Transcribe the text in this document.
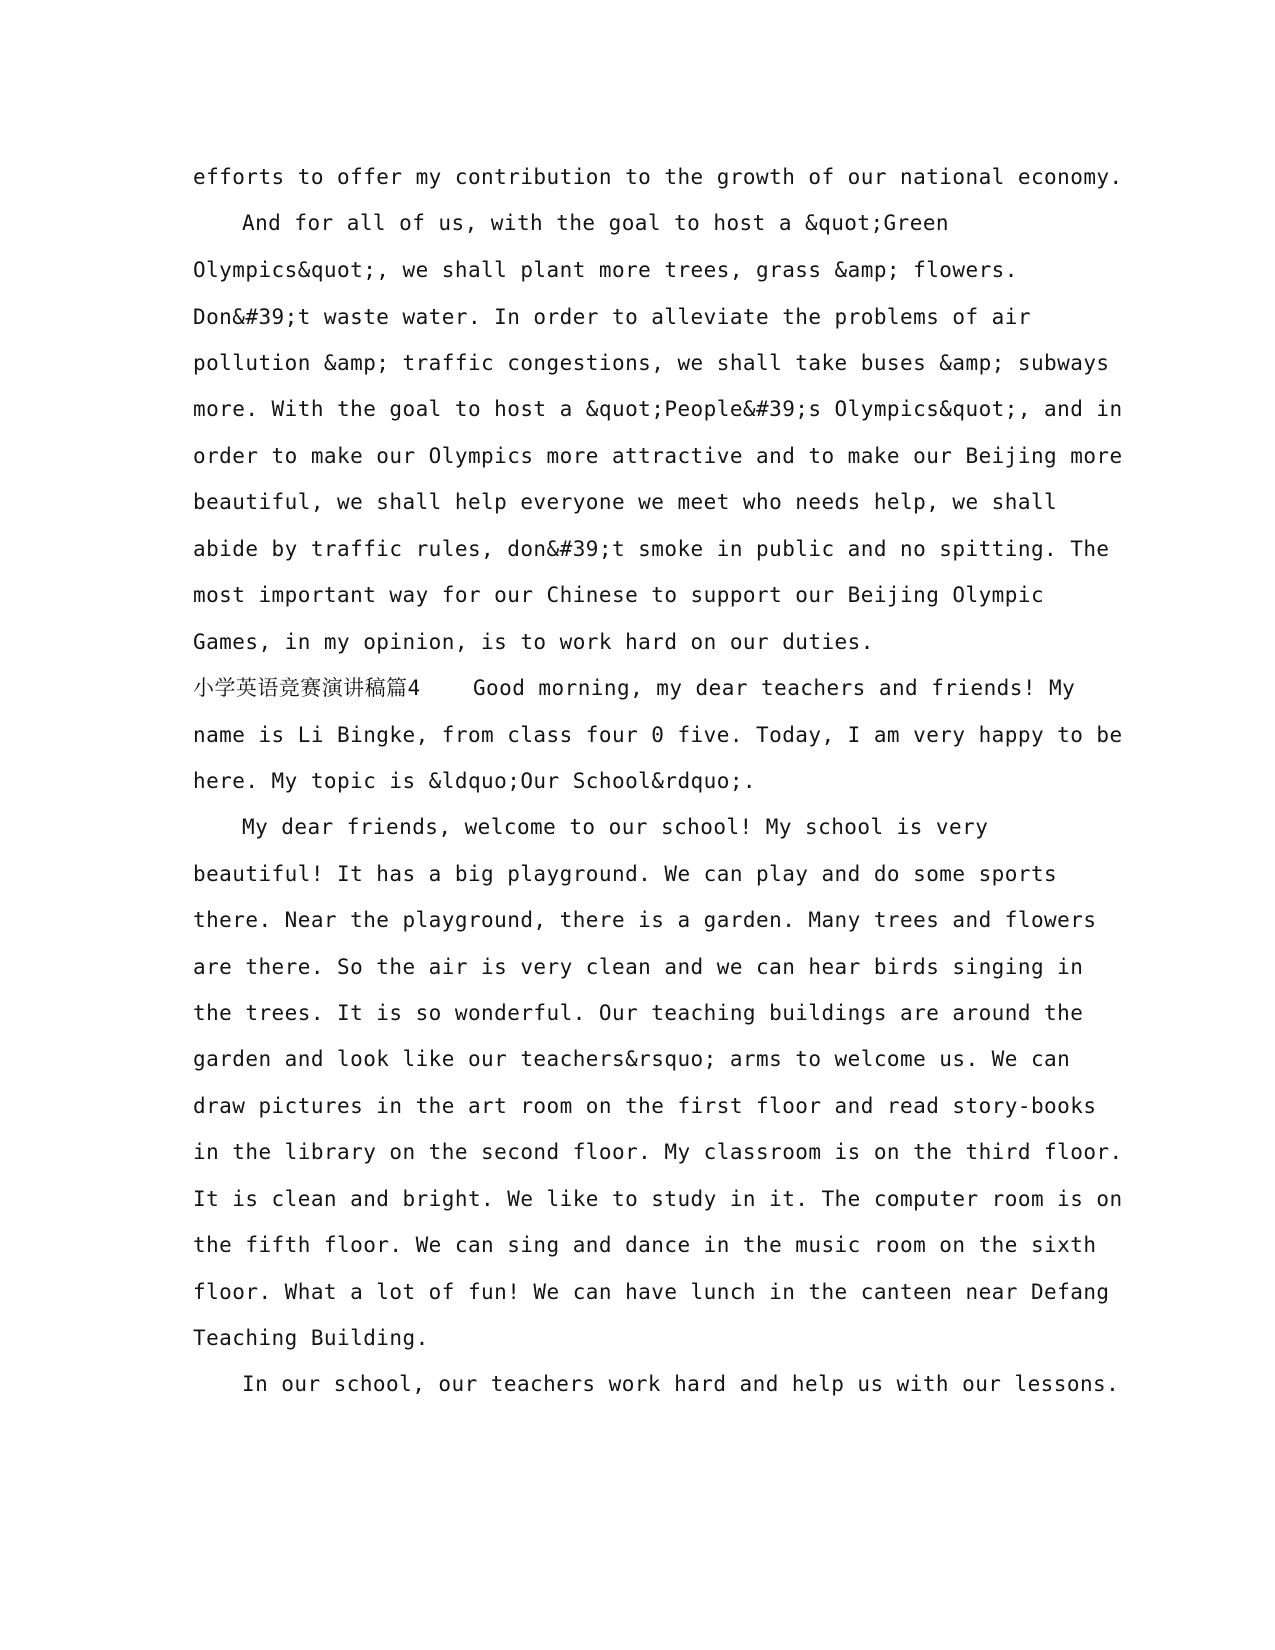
efforts to offer my contribution to the growth of our national economy.
And for all of us, with the goal to host a &quot;Green
Olympics&quot;, we shall plant more trees, grass &amp; flowers.
Don&#39;t waste water. In order to alleviate the problems of air
pollution &amp; traffic congestions, we shall take buses &amp; subways
more. With the goal to host a &quot;People&#39;s Olympics&quot;, and in
order to make our Olympics more attractive and to make our Beijing more
beautiful, we shall help everyone we meet who needs help, we shall
abide by traffic rules, don&#39;t smoke in public and no spitting. The
most important way for our Chinese to support our Beijing Olympic
Games, in my opinion, is to work hard on our duties.
小学英语竞赛演讲稿篇4    Good morning, my dear teachers and friends! My
name is Li Bingke, from class four 0 five. Today, I am very happy to be
here. My topic is &ldquo;Our School&rdquo;.
My dear friends, welcome to our school! My school is very
beautiful! It has a big playground. We can play and do some sports
there. Near the playground, there is a garden. Many trees and flowers
are there. So the air is very clean and we can hear birds singing in
the trees. It is so wonderful. Our teaching buildings are around the
garden and look like our teachers&rsquo; arms to welcome us. We can
draw pictures in the art room on the first floor and read story-books
in the library on the second floor. My classroom is on the third floor.
It is clean and bright. We like to study in it. The computer room is on
the fifth floor. We can sing and dance in the music room on the sixth
floor. What a lot of fun! We can have lunch in the canteen near Defang
Teaching Building.
In our school, our teachers work hard and help us with our lessons.
